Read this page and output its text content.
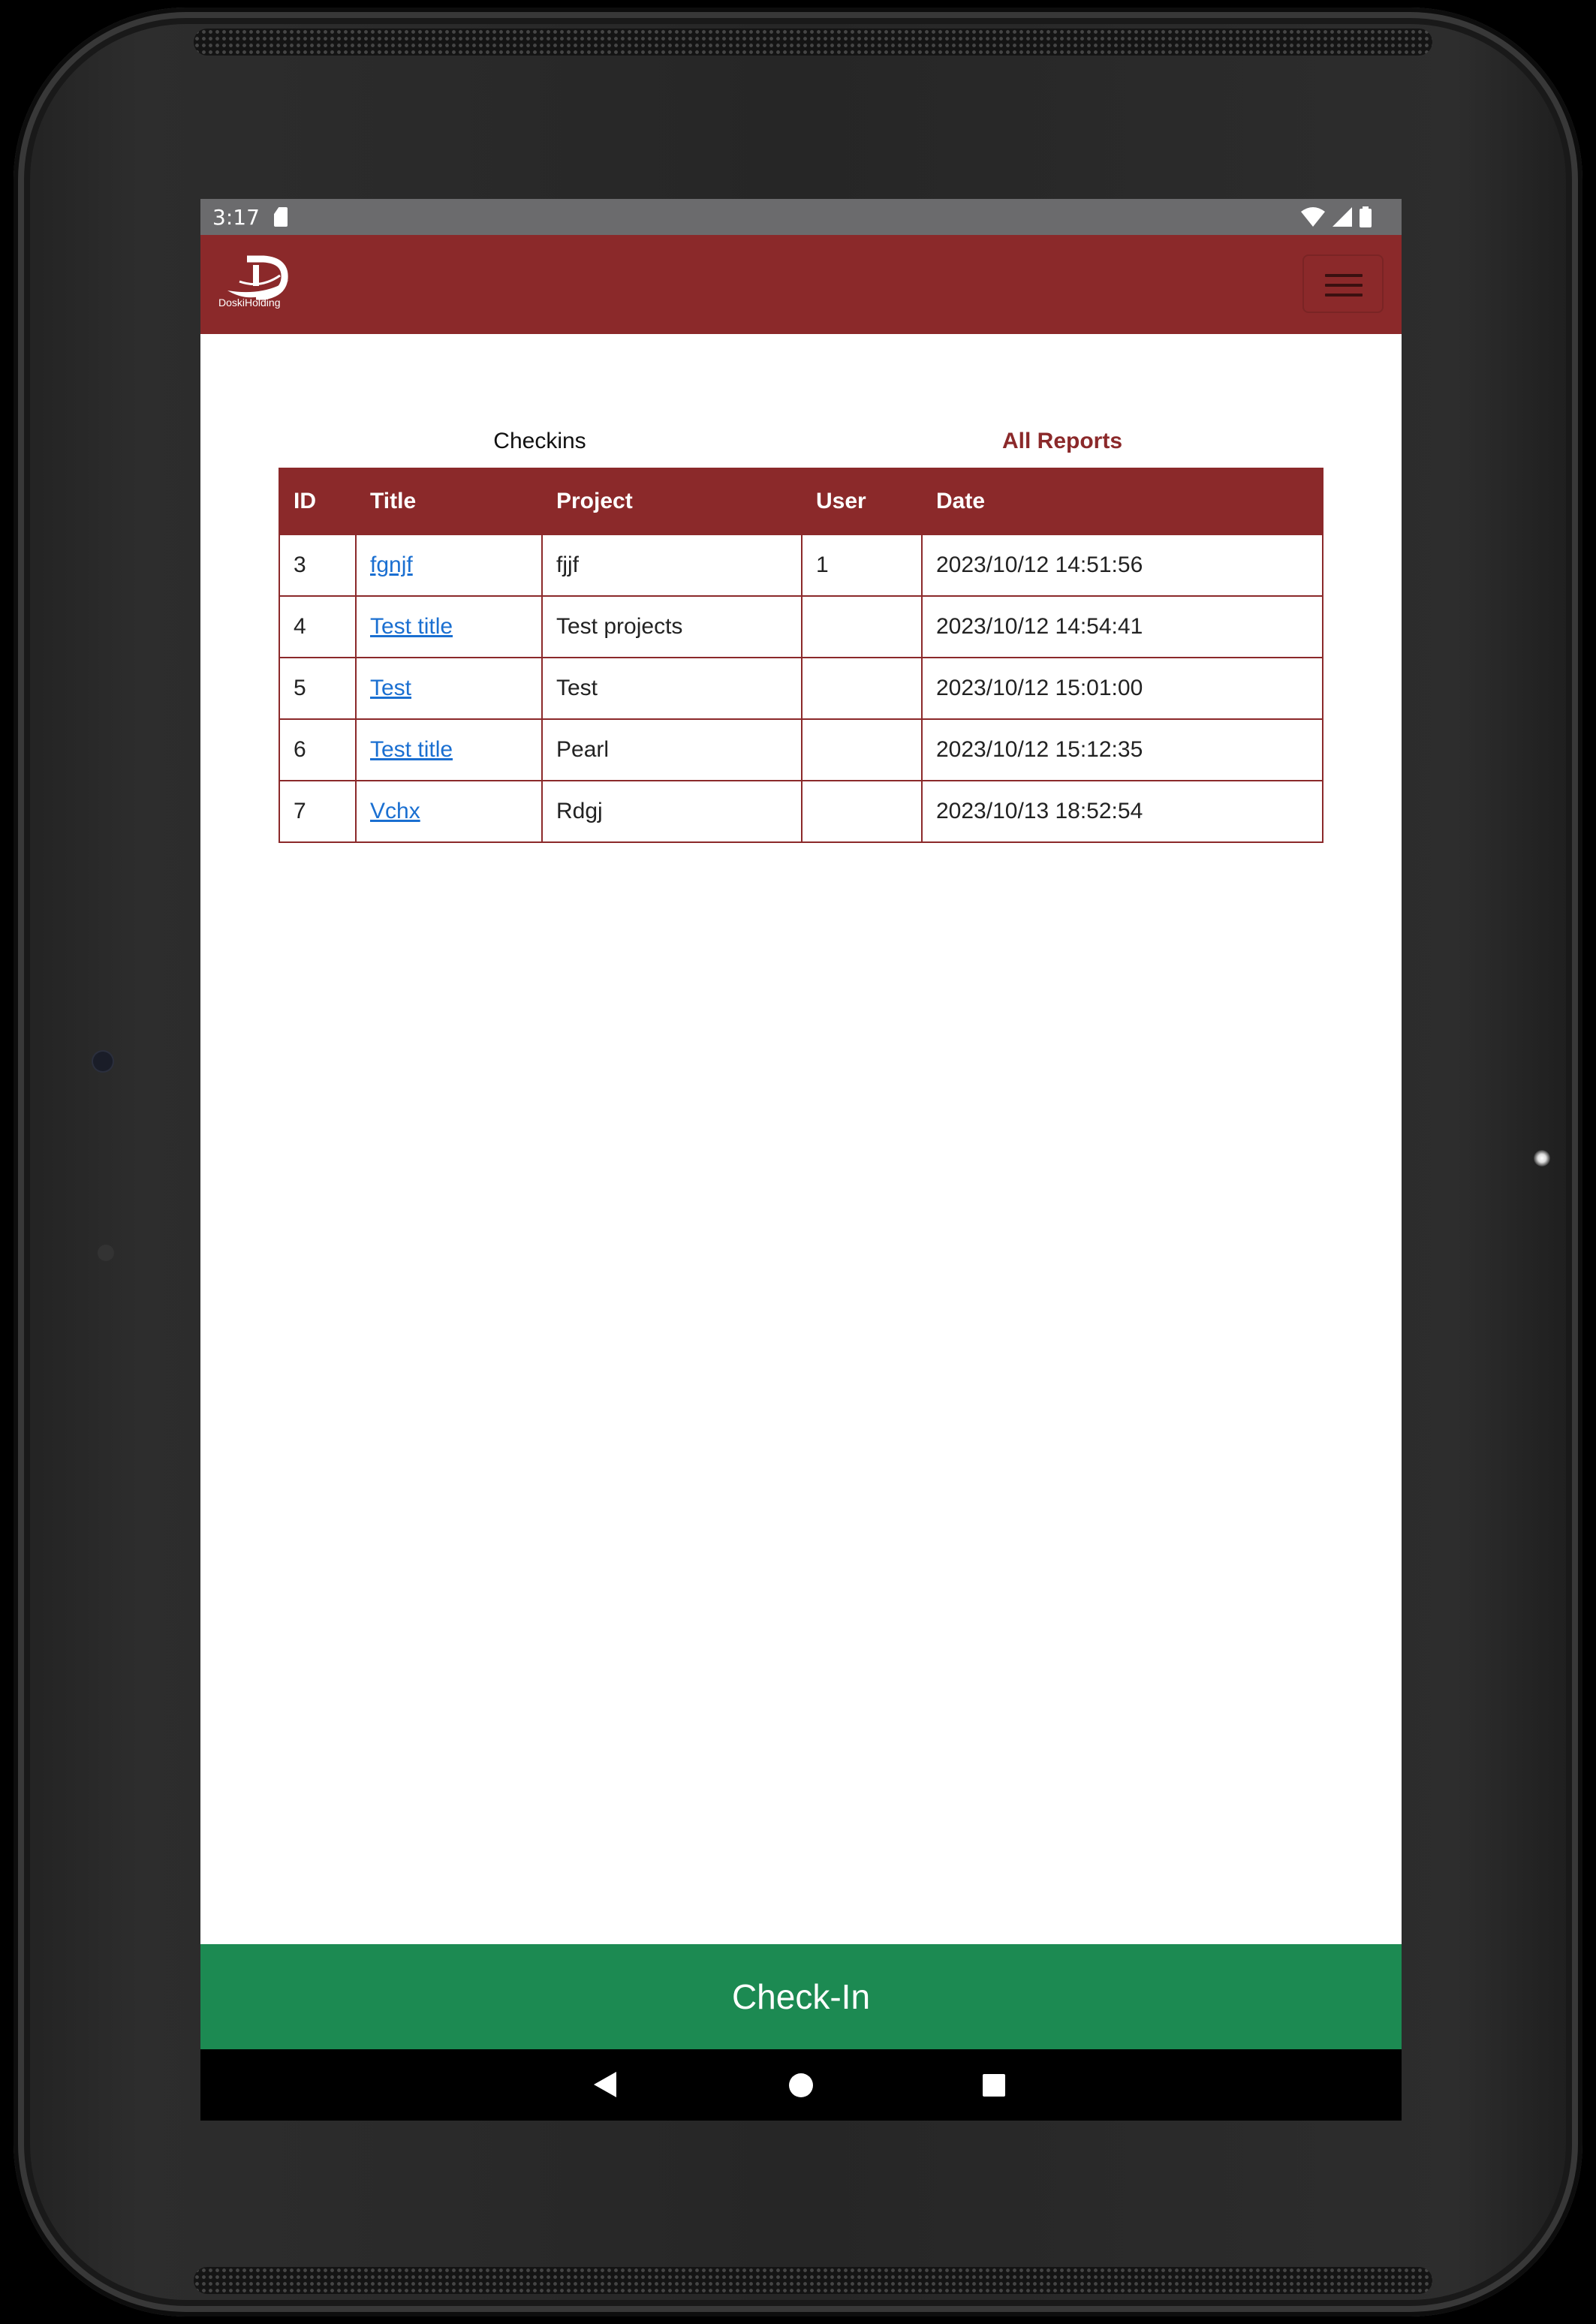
3:17
DoskiHolding
Checkins	All Reports
ID	Title	Project	User	Date
3	fgnjf	fjjf	1	2023/10/12 14:51:56
4	Test title	Test projects		2023/10/12 14:54:41
5	Test	Test		2023/10/12 15:01:00
6	Test title	Pearl		2023/10/12 15:12:35
7	Vchx	Rdgj		2023/10/13 18:52:54
Check-In
